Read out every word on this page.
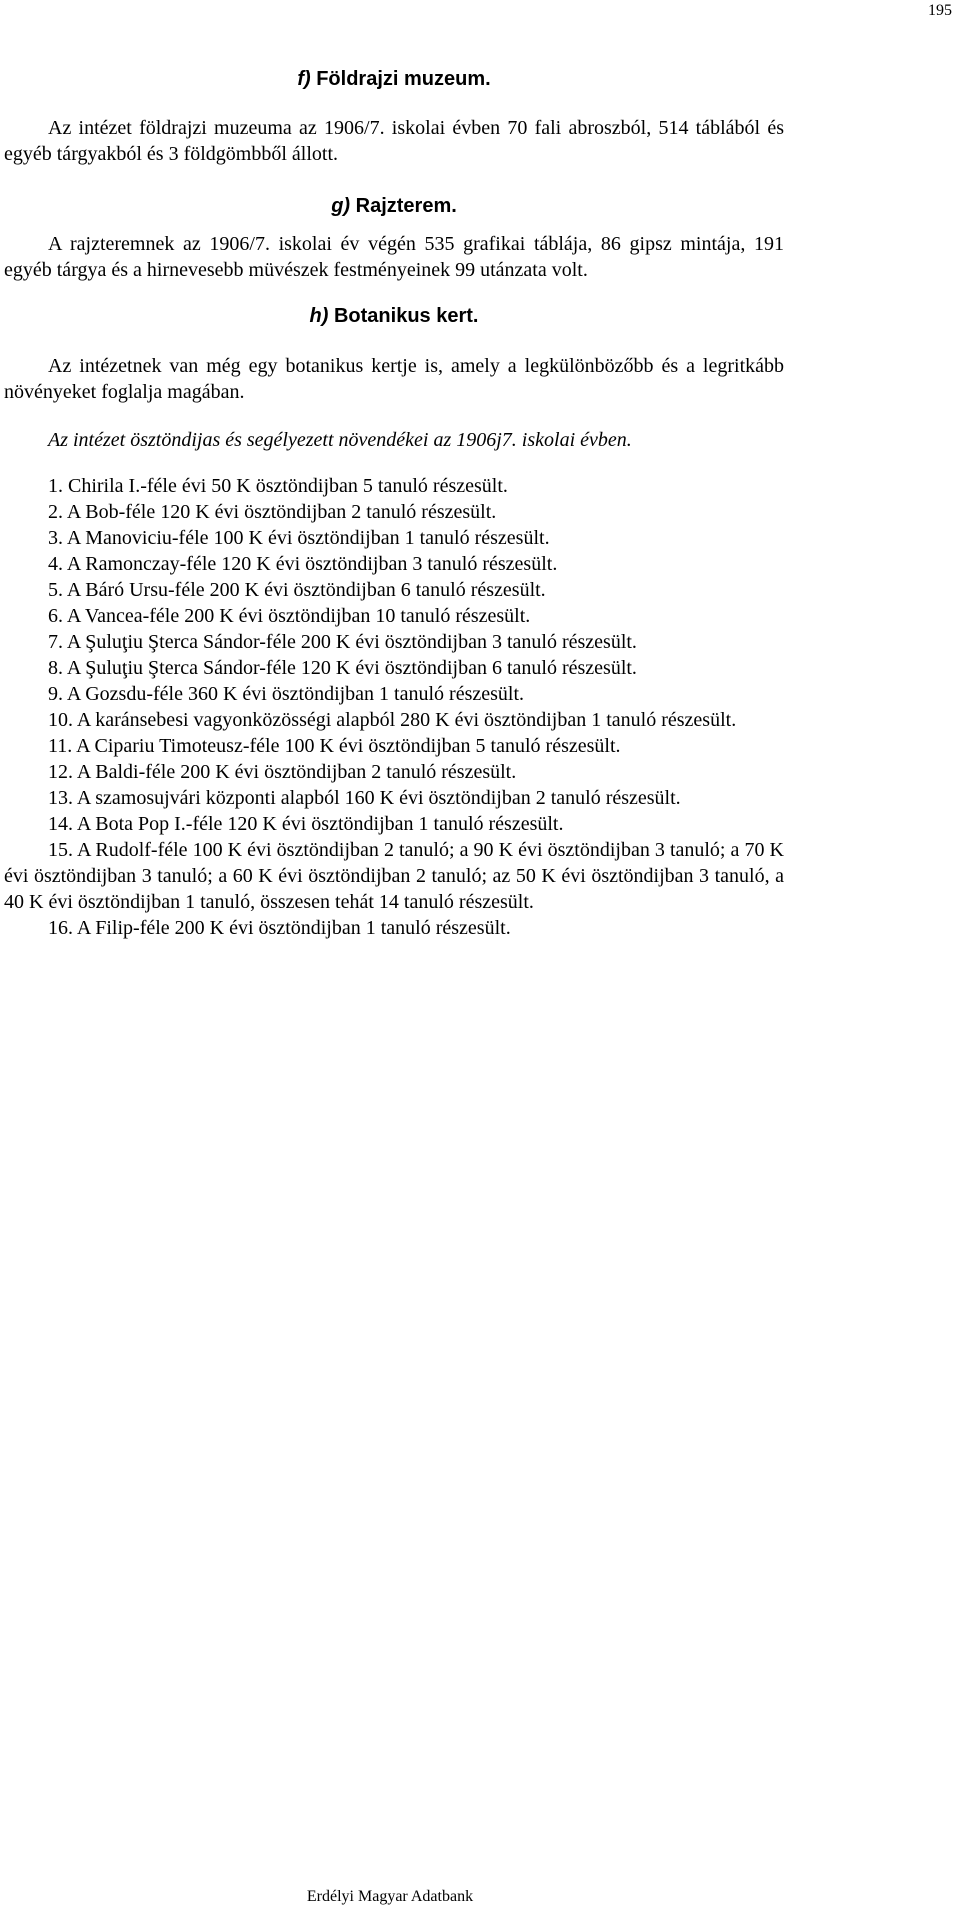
195
f) Földrajzi muzeum.

Az intézet földrajzi muzeuma az 1906/7. iskolai évben 70 fali abroszból, 514 táblából és egyéb tárgyakból és 3 földgömbből állott.

g) Rajzterem.

A rajzteremnek az 1906/7. iskolai év végén 535 grafikai táblája, 86 gipsz mintája, 191 egyéb tárgya és a hirnevesebb müvészek festményeinek 99 utánzata volt.

h) Botanikus kert.

Az intézetnek van még egy botanikus kertje is, amely a legkülönbözőbb és a legritkább növényeket foglalja magában.

Az intézet ösztöndijas és segélyezett növendékei az 1906j7. iskolai évben.

1. Chirila I.-féle évi 50 K ösztöndijban 5 tanuló részesült.

2. A Bob-féle 120 K évi ösztöndijban 2 tanuló részesült.

3. A Manoviciu-féle 100 K évi ösztöndijban 1 tanuló részesült.

4. A Ramonczay-féle 120 K évi ösztöndijban 3 tanuló részesült.

5. A Báró Ursu-féle 200 K évi ösztöndijban 6 tanuló részesült.

6. A Vancea-féle 200 K évi ösztöndijban 10 tanuló részesült.

7. A Şuluţiu Şterca Sándor-féle 200 K évi ösztöndijban 3 tanuló részesült.

8. A Şuluţiu Şterca Sándor-féle 120 K évi ösztöndijban 6 tanuló részesült.

9. A Gozsdu-féle 360 K évi ösztöndijban 1 tanuló részesült.

10. A karánsebesi vagyonközösségi alapból 280 K évi ösztöndijban 1 tanuló részesült.

11. A Cipariu Timoteusz-féle 100 K évi ösztöndijban 5 tanuló részesült.

12. A Baldi-féle 200 K évi ösztöndijban 2 tanuló részesült.

13. A szamosujvári központi alapból 160 K évi ösztöndijban 2 tanuló részesült.

14. A Bota Pop I.-féle 120 K évi ösztöndijban 1 tanuló részesült.

15. A Rudolf-féle 100 K évi ösztöndijban 2 tanuló; a 90 K évi ösztöndijban 3 tanuló; a 70 K évi ösztöndijban 3 tanuló; a 60 K évi ösztöndijban 2 tanuló; az 50 K évi ösztöndijban 3 tanuló, a 40 K évi ösztöndijban 1 tanuló, összesen tehát 14 tanuló részesült.

16. A Filip-féle 200 K évi ösztöndijban 1 tanuló részesült.

Erdélyi Magyar Adatbank
